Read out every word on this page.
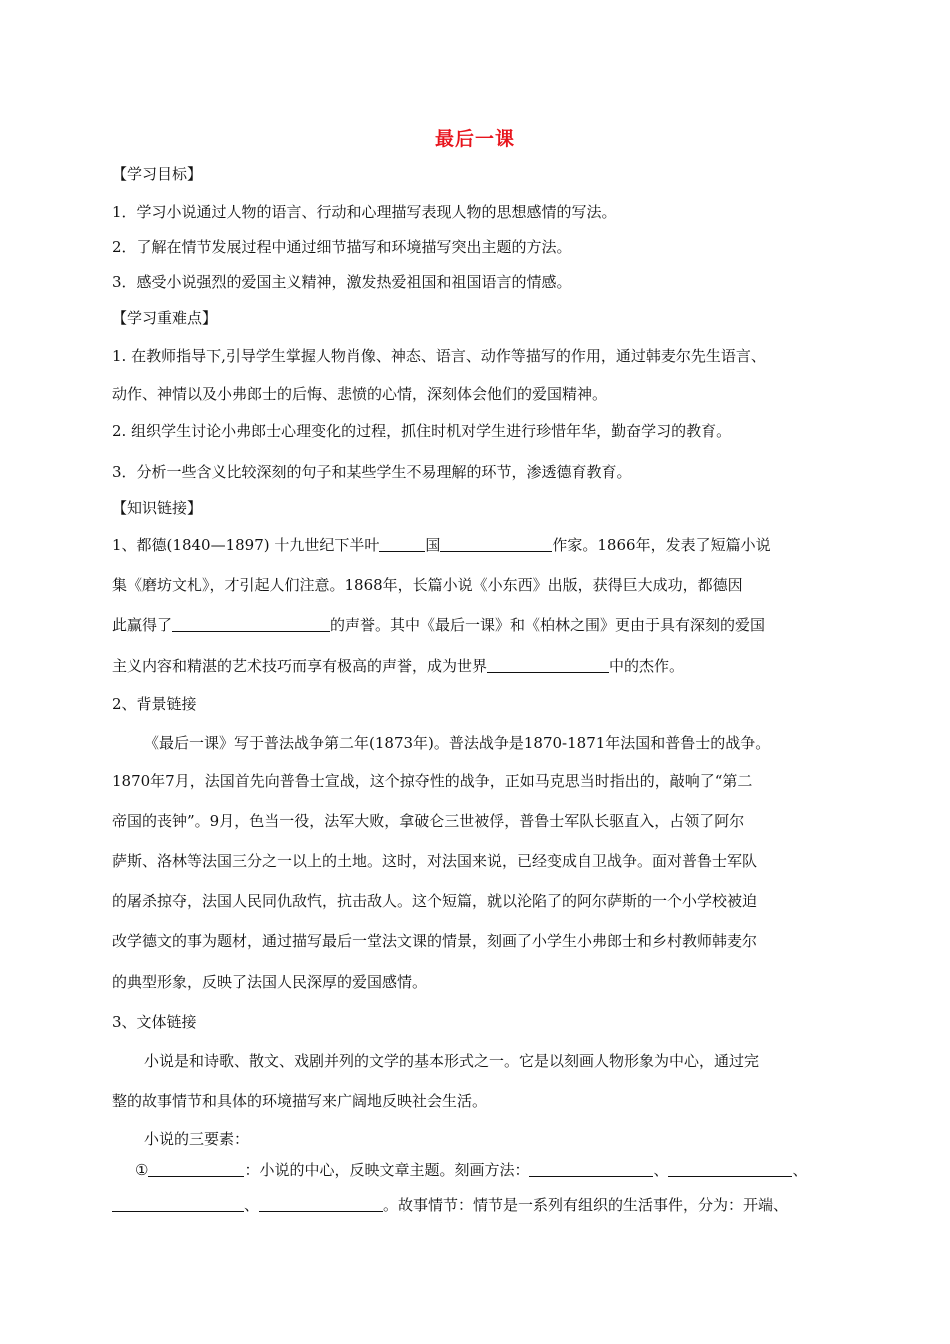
最后一课
【学习目标】
1．学习小说通过人物的语言、行动和心理描写表现人物的思想感情的写法。
2．了解在情节发展过程中通过细节描写和环境描写突出主题的方法。
3．感受小说强烈的爱国主义精神，激发热爱祖国和祖国语言的情感。
【学习重难点】
1. 在教师指导下,引导学生掌握人物肖像、神态、语言、动作等描写的作用，通过韩麦尔先生语言、
动作、神情以及小弗郎士的后悔、悲愤的心情，深刻体会他们的爱国精神。
2. 组织学生讨论小弗郎士心理变化的过程，抓住时机对学生进行珍惜年华，勤奋学习的教育。
3．分析一些含义比较深刻的句子和某些学生不易理解的环节，渗透德育教育。
【知识链接】
1、都德(1840—1897) 十九世纪下半叶	国	作家。1866年，发表了短篇小说
集《磨坊文札》，才引起人们注意。1868年，长篇小说《小东西》出版，获得巨大成功，都德因
此赢得了	的声誉。其中《最后一课》和《柏林之围》更由于具有深刻的爱国
主义内容和精湛的艺术技巧而享有极高的声誉，成为世界	中的杰作。
2、背景链接
《最后一课》写于普法战争第二年(1873年)。普法战争是1870-1871年法国和普鲁士的战争。
1870年7月，法国首先向普鲁士宣战，这个掠夺性的战争，正如马克思当时指出的，敲响了“第二
帝国的丧钟”。9月，色当一役，法军大败，拿破仑三世被俘，普鲁士军队长驱直入，占领了阿尔
萨斯、洛林等法国三分之一以上的土地。这时，对法国来说，已经变成自卫战争。面对普鲁士军队
的屠杀掠夺，法国人民同仇敌忾，抗击敌人。这个短篇，就以沦陷了的阿尔萨斯的一个小学校被迫
改学德文的事为题材，通过描写最后一堂法文课的情景，刻画了小学生小弗郎士和乡村教师韩麦尔
的典型形象，反映了法国人民深厚的爱国感情。
3、文体链接
小说是和诗歌、散文、戏剧并列的文学的基本形式之一。它是以刻画人物形象为中心，通过完
整的故事情节和具体的环境描写来广阔地反映社会生活。
小说的三要素：
①	：小说的中心，反映文章主题。刻画方法：	、	、
、	。故事情节：情节是一系列有组织的生活事件，分为：开端、
